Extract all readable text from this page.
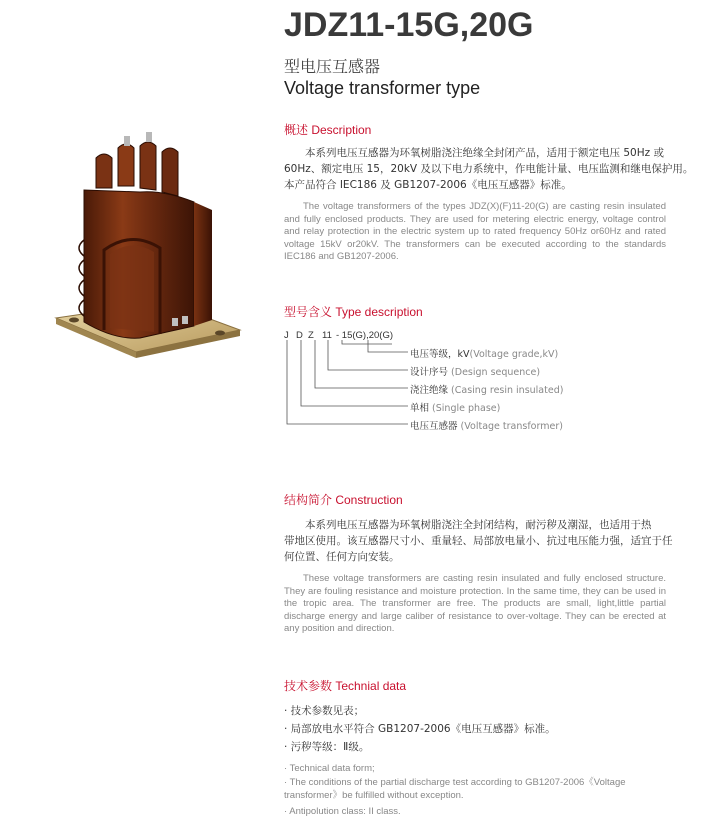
JDZ11-15G,20G
型电压互感器
Voltage transformer type
概述 Description
本系列电压互感器为环氧树脂浇注绝缘全封闭产品，适用于额定电压 50Hz 或
60Hz、额定电压 15，20kV 及以下电力系统中，作电能计量、电压监测和继电保护用。
本产品符合 IEC186 及 GB1207-2006《电压互感器》标准。
The voltage transformers of the types JDZ(X)(F)11-20(G) are casting resin insulated and fully enclosed products. They are used for metering electric energy, voltage control and relay protection in the electric system up to rated frequency 50Hz or60Hz and rated voltage 15kV or20kV. The transformers can be executed according to the standards IEC186 and GB1207-2006.
型号含义 Type description
J D Z 11 - 15(G),20(G)
电压等级，kV(Voltage grade,kV)
设计序号 (Design sequence)
浇注绝缘 (Casing resin insulated)
单相 (Single phase)
电压互感器 (Voltage transformer)
结构简介 Construction
本系列电压互感器为环氧树脂浇注全封闭结构，耐污秽及潮湿，也适用于热
带地区使用。该互感器尺寸小、重量轻、局部放电量小、抗过电压能力强，适宜于任
何位置、任何方向安装。
These voltage transformers are casting resin insulated and fully enclosed structure. They are fouling resistance and moisture protection. In the same time, they can be used in the tropic area. The transformer are free. The products are small, light,little partial discharge energy and large caliber of resistance to over-voltage. They can be erected at any position and direction.
技术参数 Technial data
· 技术参数见表；
· 局部放电水平符合 GB1207-2006《电压互感器》标准。
· 污秽等级：Ⅱ级。
· Technical data form;
· The conditions of the partial discharge test according to GB1207-2006《Voltage transformer》be fulfilled without exception.
· Antipolution class: II class.
